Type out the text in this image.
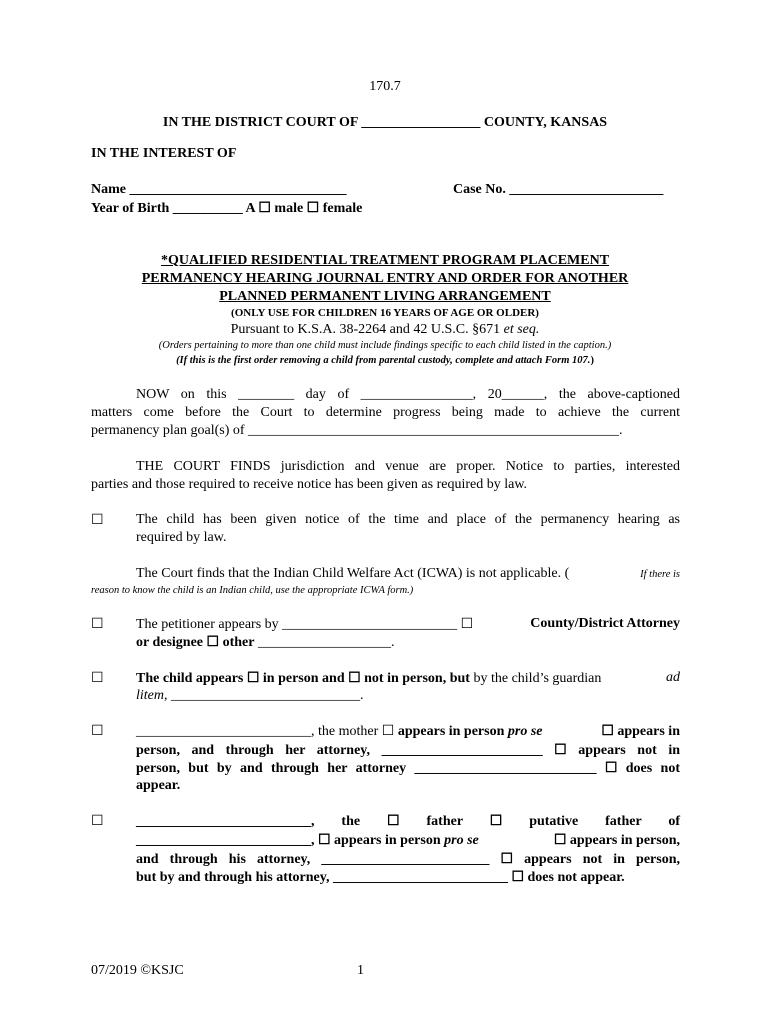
170.7
IN THE DISTRICT COURT OF _________________ COUNTY, KANSAS
IN THE INTEREST OF
Name _______________________________	Case No. ______________________
Year of Birth __________ A ☐ male ☐ female
*QUALIFIED RESIDENTIAL TREATMENT PROGRAM PLACEMENT
PERMANENCY HEARING JOURNAL ENTRY AND ORDER FOR ANOTHER
PLANNED PERMANENT LIVING ARRANGEMENT
(ONLY USE FOR CHILDREN 16 YEARS OF AGE OR OLDER)
Pursuant to K.S.A. 38-2264 and 42 U.S.C. §671 et seq.
(Orders pertaining to more than one child must include findings specific to each child listed in the caption.)
(If this is the first order removing a child from parental custody, complete and attach Form 107.)
NOW on this ________ day of ________________, 20______, the above-captioned
matters come before the Court to determine progress being made to achieve the current
permanency plan goal(s) of _____________________________________________________.
THE COURT FINDS jurisdiction and venue are proper. Notice to parties, interested
parties and those required to receive notice has been given as required by law.
☐ The child has been given notice of the time and place of the permanency hearing as
required by law.
The Court finds that the Indian Child Welfare Act (ICWA) is not applicable. (	If there is
reason to know the child is an Indian child, use the appropriate ICWA form.)
☐ The petitioner appears by _________________________ ☐	County/District Attorney
or designee ☐ other ___________________.
☐ The child appears ☐ in person and ☐ not in person, but by the child’s guardian	ad
litem, ___________________________.
☐ _________________________, the mother ☐ appears in person pro se	☐ appears in
person, and through her attorney, _______________________ ☐ appears not in
person, but by and through her attorney __________________________ ☐ does not
appear.
☐ _________________________, the ☐ father ☐ putative father of
_________________________, ☐ appears in person pro se	☐ appears in person,
and through his attorney, ________________________ ☐ appears not in person,
but by and through his attorney, _________________________ ☐ does not appear.
07/2019 ©KSJC	1
